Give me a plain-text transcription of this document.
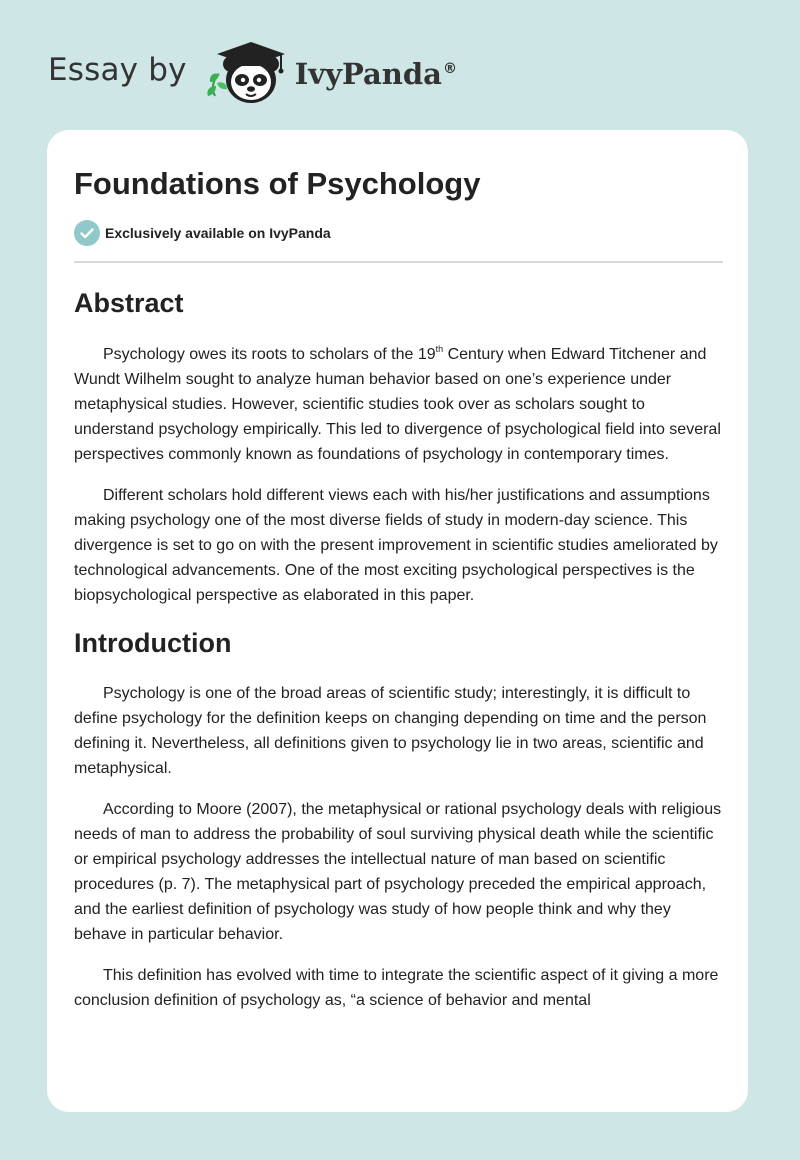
Essay by	IvyPanda®
Foundations of Psychology
Exclusively available on IvyPanda
Abstract

Psychology owes its roots to scholars of the 19th Century when Edward Titchener and Wundt Wilhelm sought to analyze human behavior based on one’s experience under metaphysical studies. However, scientific studies took over as scholars sought to understand psychology empirically. This led to divergence of psychological field into several perspectives commonly known as foundations of psychology in contemporary times.

Different scholars hold different views each with his/her justifications and assumptions making psychology one of the most diverse fields of study in modern-day science. This divergence is set to go on with the present improvement in scientific studies ameliorated by technological advancements. One of the most exciting psychological perspectives is the biopsychological perspective as elaborated in this paper.

Introduction

Psychology is one of the broad areas of scientific study; interestingly, it is difficult to define psychology for the definition keeps on changing depending on time and the person defining it. Nevertheless, all definitions given to psychology lie in two areas, scientific and metaphysical.

According to Moore (2007), the metaphysical or rational psychology deals with religious needs of man to address the probability of soul surviving physical death while the scientific or empirical psychology addresses the intellectual nature of man based on scientific procedures (p. 7). The metaphysical part of psychology preceded the empirical approach, and the earliest definition of psychology was study of how people think and why they behave in particular behavior.

This definition has evolved with time to integrate the scientific aspect of it giving a more conclusion definition of psychology as, “a science of behavior and mental
